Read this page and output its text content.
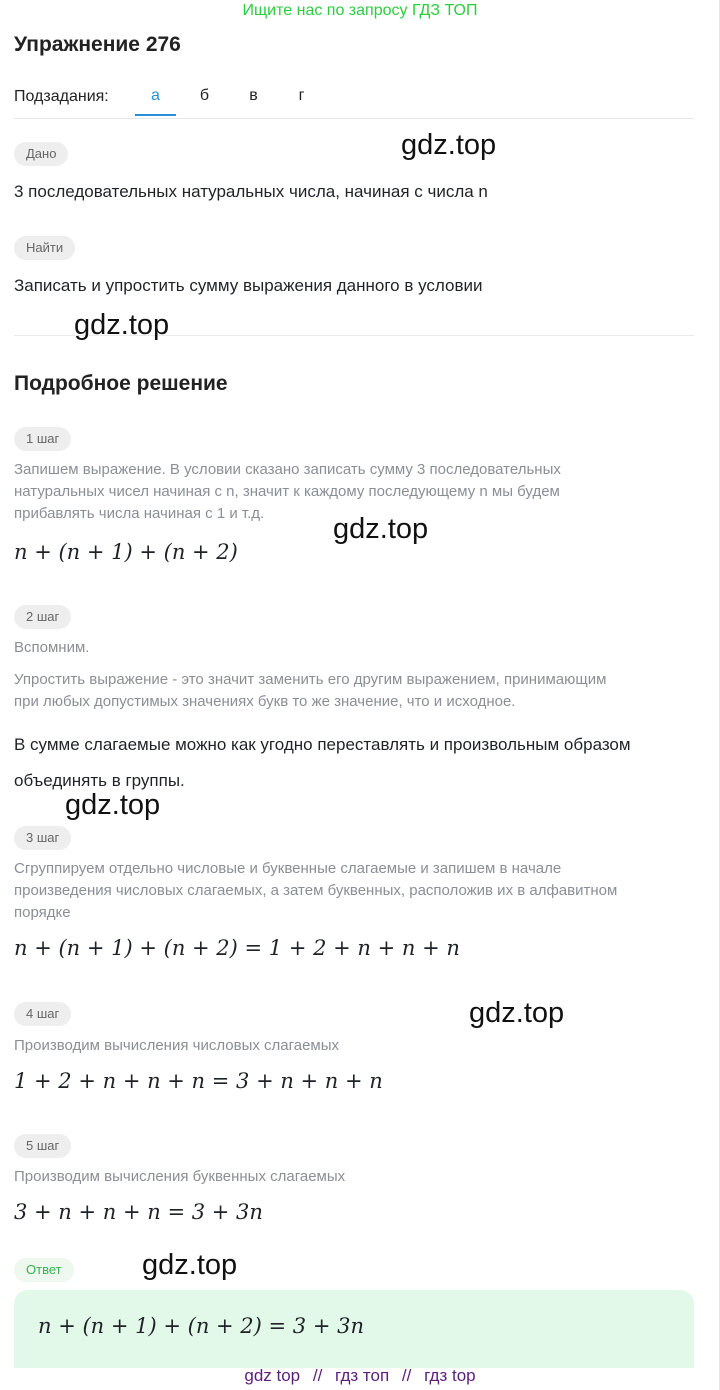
Ищите нас по запросу ГДЗ ТОП
Упражнение 276
Подзадания:	а	б	в	г
Дано
3 последовательных натуральных числа, начиная с числа n
Найти
Записать и упростить сумму выражения данного в условии
Подробное решение
1 шаг
Запишем выражение. В условии сказано записать сумму 3 последовательных
натуральных чисел начиная с n, значит к каждому последующему n мы будем
прибавлять числа начиная с 1 и т.д.
n + (n + 1) + (n + 2)
2 шаг
Вспомним.
Упростить выражение - это значит заменить его другим выражением, принимающим
при любых допустимых значениях букв то же значение, что и исходное.
В сумме слагаемые можно как угодно переставлять и произвольным образом
объединять в группы.
3 шаг
Сгруппируем отдельно числовые и буквенные слагаемые и запишем в начале
произведения числовых слагаемых, а затем буквенных, расположив их в алфавитном
порядке
n + (n + 1) + (n + 2) = 1 + 2 + n + n + n
4 шаг
Производим вычисления числовых слагаемых
1 + 2 + n + n + n = 3 + n + n + n
5 шаг
Производим вычисления буквенных слагаемых
3 + n + n + n = 3 + 3n
Ответ
n + (n + 1) + (n + 2) = 3 + 3n
gdz.top
gdz.top
gdz.top
gdz.top
gdz.top
gdz.top
gdz top // гдз топ // гдз top
